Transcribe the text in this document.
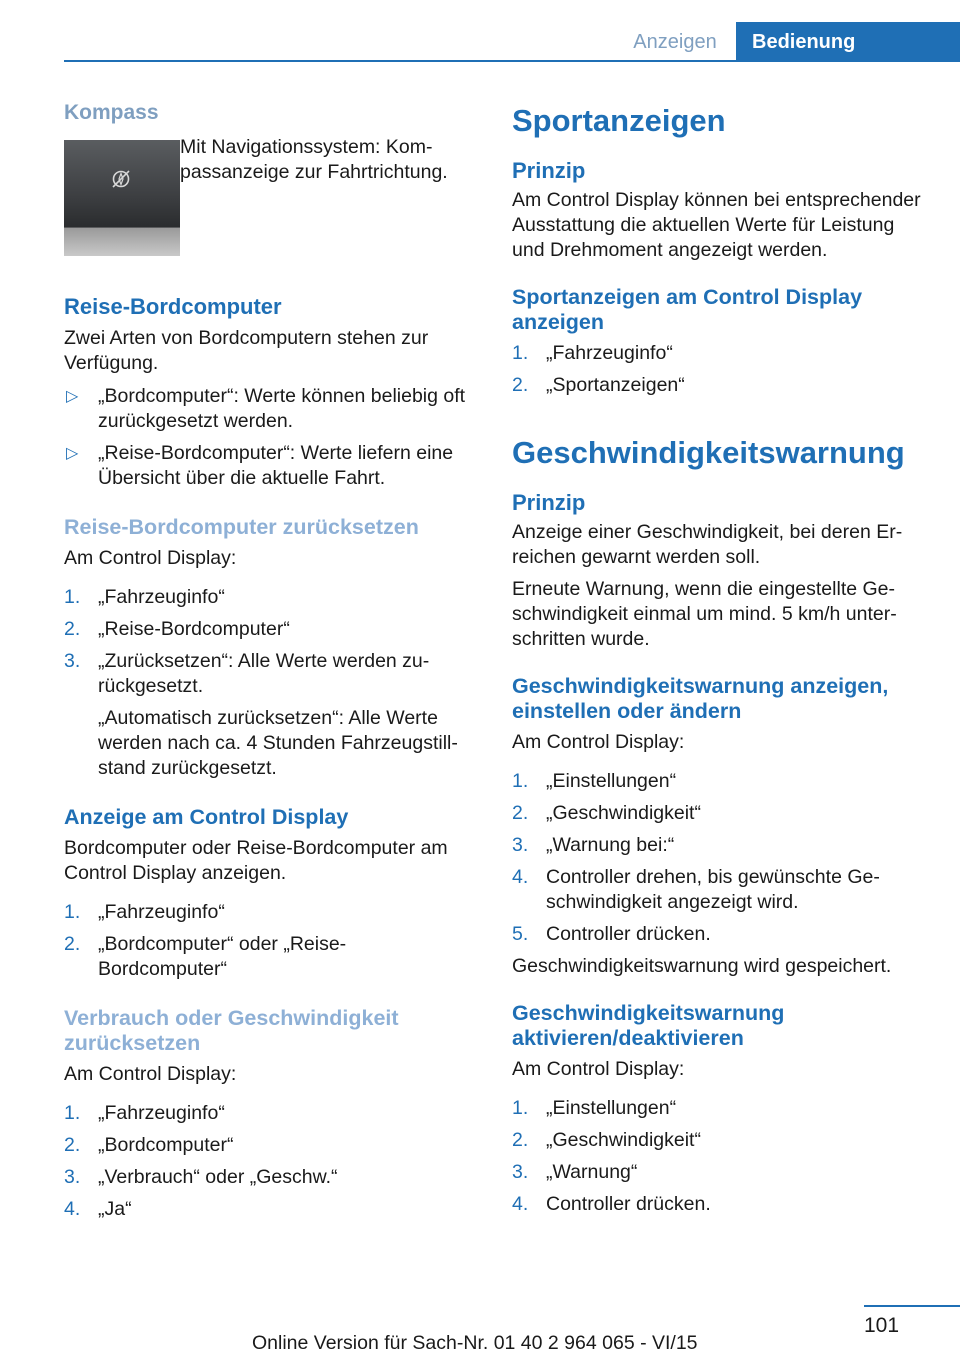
Anzeigen	Bedienung
Kompass
Mit Navigationssystem: Kompassanzeige zur Fahrtrichtung.
Reise-Bordcomputer
Zwei Arten von Bordcomputern stehen zur Verfügung.
▷ „Bordcomputer“: Werte können beliebig oft zurückgesetzt werden.
▷ „Reise-Bordcomputer“: Werte liefern eine Übersicht über die aktuelle Fahrt.
Reise-Bordcomputer zurücksetzen
Am Control Display:
1. „Fahrzeuginfo“
2. „Reise-Bordcomputer“
3. „Zurücksetzen“: Alle Werte werden zurückgesetzt.
„Automatisch zurücksetzen“: Alle Werte werden nach ca. 4 Stunden Fahrzeugstillstand zurückgesetzt.
Anzeige am Control Display
Bordcomputer oder Reise-Bordcomputer am Control Display anzeigen.
1. „Fahrzeuginfo“
2. „Bordcomputer“ oder „Reise-Bordcomputer“
Verbrauch oder Geschwindigkeit zurücksetzen
Am Control Display:
1. „Fahrzeuginfo“
2. „Bordcomputer“
3. „Verbrauch“ oder „Geschw.“
4. „Ja“
Sportanzeigen
Prinzip
Am Control Display können bei entsprechender Ausstattung die aktuellen Werte für Leistung und Drehmoment angezeigt werden.
Sportanzeigen am Control Display anzeigen
1. „Fahrzeuginfo“
2. „Sportanzeigen“
Geschwindigkeitswarnung
Prinzip
Anzeige einer Geschwindigkeit, bei deren Erreichen gewarnt werden soll.
Erneute Warnung, wenn die eingestellte Geschwindigkeit einmal um mind. 5 km/h unterschritten wurde.
Geschwindigkeitswarnung anzeigen, einstellen oder ändern
Am Control Display:
1. „Einstellungen“
2. „Geschwindigkeit“
3. „Warnung bei:“
4. Controller drehen, bis gewünschte Geschwindigkeit angezeigt wird.
5. Controller drücken.
Geschwindigkeitswarnung wird gespeichert.
Geschwindigkeitswarnung aktivieren/deaktivieren
Am Control Display:
1. „Einstellungen“
2. „Geschwindigkeit“
3. „Warnung“
4. Controller drücken.
101
Online Version für Sach-Nr. 01 40 2 964 065 - VI/15
